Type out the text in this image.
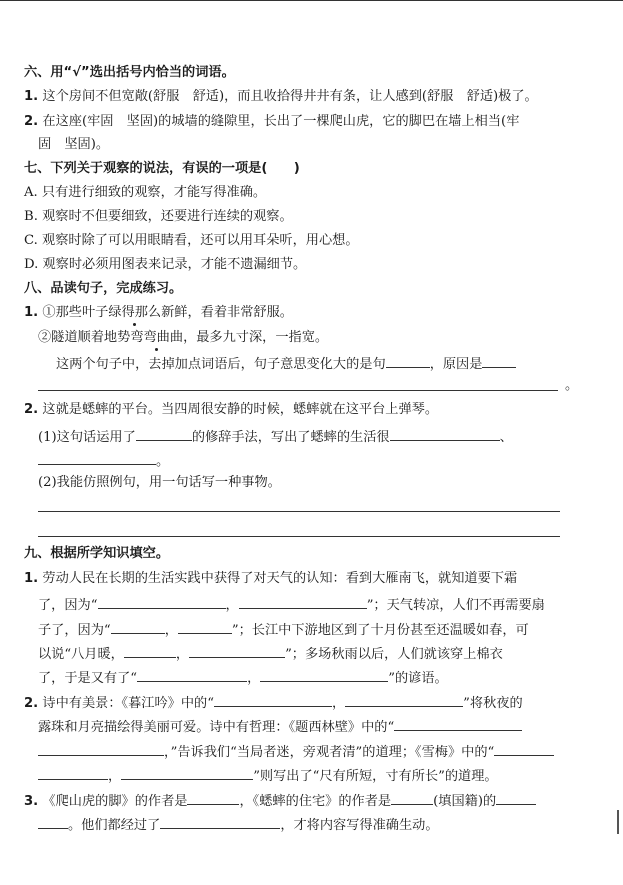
六、用“√”选出括号内恰当的词语。
1. 这个房间不但宽敞(舒服　舒适)，而且收拾得井井有条，让人感到(舒服　舒适)极了。
2. 在这座(牢固　坚固)的城墙的缝隙里，长出了一棵爬山虎，它的脚巴在墙上相当(牢
固　坚固)。
七、下列关于观察的说法，有误的一项是(　　)
A. 只有进行细致的观察，才能写得准确。
B. 观察时不但要细致，还要进行连续的观察。
C. 观察时除了可以用眼睛看，还可以用耳朵听，用心想。
D. 观察时必须用图表来记录，才能不遗漏细节。
八、品读句子，完成练习。
1. ①那些叶子绿得那么新鲜，看着非常舒服。
②隧道顺着地势弯弯曲曲，最多九寸深，一指宽。
这两个句子中，去掉加点词语后，句子意思变化大的是句	，原因是
。
2. 这就是蟋蟀的平台。当四周很安静的时候，蟋蟀就在这平台上弹琴。
(1)这句话运用了	的修辞手法，写出了蟋蟀的生活很	、
。
(2)我能仿照例句，用一句话写一种事物。
九、根据所学知识填空。
1. 劳动人民在长期的生活实践中获得了对天气的认知：看到大雁南飞，就知道要下霜
了，因为“	，	”；天气转凉，人们不再需要扇
子了，因为“	，	”；长江中下游地区到了十月份甚至还温暖如春，可
以说“八月暖，	，	”；多场秋雨以后，人们就该穿上棉衣
了，于是又有了“	，	”的谚语。
2. 诗中有美景：《暮江吟》中的“	，	”将秋夜的
露珠和月亮描绘得美丽可爱。诗中有哲理：《题西林壁》中的“
，”告诉我们“当局者迷，旁观者清”的道理；《雪梅》中的“
，	”则写出了“尺有所短，寸有所长”的道理。
3. 《爬山虎的脚》的作者是	，《蟋蟀的住宅》的作者是	(填国籍)的
。他们都经过了	，才将内容写得准确生动。
